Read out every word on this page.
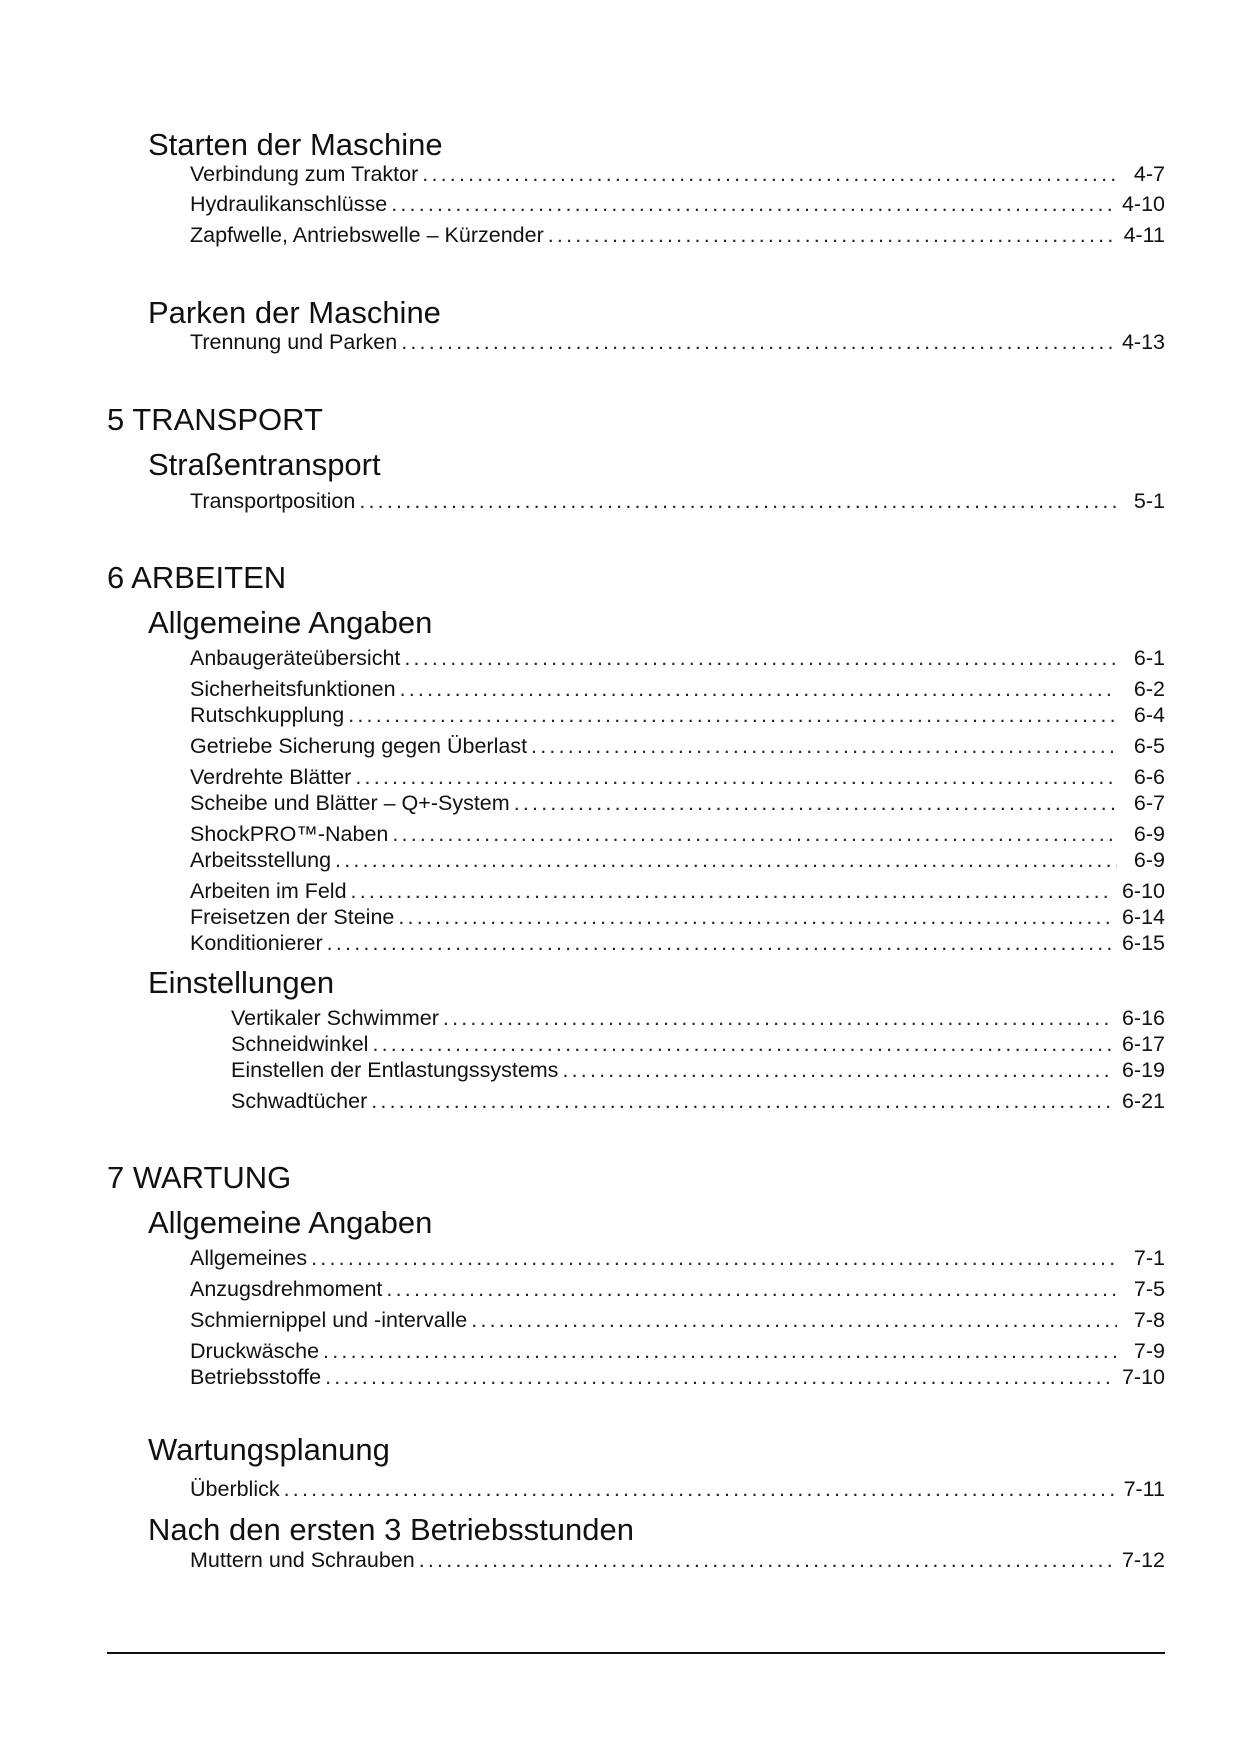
Starten der Maschine
Verbindung zum Traktor .....	4-7
Hydraulikanschlüsse .....	4-10
Zapfwelle, Antriebswelle – Kürzender .....	4-11
Parken der Maschine
Trennung und Parken .....	4-13
5 TRANSPORT
Straßentransport
Transportposition .....	5-1
6 ARBEITEN
Allgemeine Angaben
Anbaugeräteübersicht .....	6-1
Sicherheitsfunktionen .....	6-2
Rutschkupplung .....	6-4
Getriebe Sicherung gegen Überlast .....	6-5
Verdrehte Blätter .....	6-6
Scheibe und Blätter – Q+-System .....	6-7
ShockPRO™-Naben .....	6-9
Arbeitsstellung .....	6-9
Arbeiten im Feld .....	6-10
Freisetzen der Steine .....	6-14
Konditionierer .....	6-15
Einstellungen
Vertikaler Schwimmer .....	6-16
Schneidwinkel .....	6-17
Einstellen der Entlastungssystems .....	6-19
Schwadtücher .....	6-21
7 WARTUNG
Allgemeine Angaben
Allgemeines .....	7-1
Anzugsdrehmoment .....	7-5
Schmiernippel und -intervalle .....	7-8
Druckwäsche .....	7-9
Betriebsstoffe .....	7-10
Wartungsplanung
Überblick .....	7-11
Nach den ersten 3 Betriebsstunden
Muttern und Schrauben .....	7-12
